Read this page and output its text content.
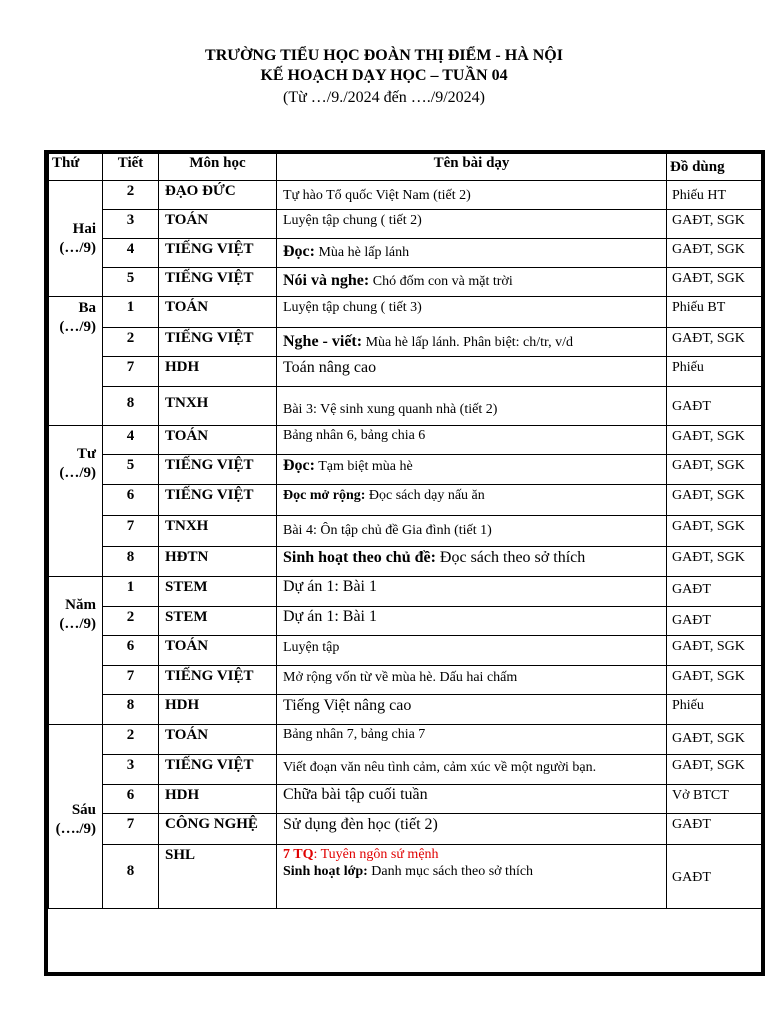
TRƯỜNG TIỂU HỌC ĐOÀN THỊ ĐIỂM - HÀ NỘI
KẾ HOẠCH DẠY HỌC – TUẦN 04
(Từ …/9./2024 đến …./9/2024)
Thứ	Tiết	Môn học	Tên bài dạy	Đồ dùng
Hai
(…/9)	2	ĐẠO ĐỨC	Tự hào Tổ quốc Việt Nam (tiết 2)	Phiếu HT
	3	TOÁN	Luyện tập chung ( tiết 2)	GAĐT, SGK
	4	TIẾNG VIỆT	Đọc: Mùa hè lấp lánh	GAĐT, SGK
	5	TIẾNG VIỆT	Nói và nghe: Chó đốm con và mặt trời	GAĐT, SGK
Ba
(…/9)	1	TOÁN	Luyện tập chung ( tiết 3)	Phiếu BT
	2	TIẾNG VIỆT	Nghe - viết: Mùa hè lấp lánh. Phân biệt: ch/tr, v/d	GAĐT, SGK
	7	HDH	Toán nâng cao	Phiếu
	8	TNXH	Bài 3: Vệ sinh xung quanh nhà (tiết 2)	GAĐT
Tư
(…/9)	4	TOÁN	Bảng nhân 6, bảng chia 6	GAĐT, SGK
	5	TIẾNG VIỆT	Đọc: Tạm biệt mùa hè	GAĐT, SGK
	6	TIẾNG VIỆT	Đọc mở rộng: Đọc sách dạy nấu ăn	GAĐT, SGK
	7	TNXH	Bài 4: Ôn tập chủ đề Gia đình (tiết 1)	GAĐT, SGK
	8	HĐTN	Sinh hoạt theo chủ đề: Đọc sách theo sở thích	GAĐT, SGK
Năm
(…/9)	1	STEM	Dự án 1: Bài 1	GAĐT
	2	STEM	Dự án 1: Bài 1	GAĐT
	6	TOÁN	Luyện tập	GAĐT, SGK
	7	TIẾNG VIỆT	Mở rộng vốn từ về mùa hè. Dấu hai chấm	GAĐT, SGK
	8	HDH	Tiếng Việt nâng cao	Phiếu
Sáu
(…./9)	2	TOÁN	Bảng nhân 7, bảng chia 7	GAĐT, SGK
	3	TIẾNG VIỆT	Viết đoạn văn nêu tình cảm, cảm xúc về một người bạn.	GAĐT, SGK
	6	HDH	Chữa bài tập cuối tuần	Vở BTCT
	7	CÔNG NGHỆ	Sử dụng đèn học (tiết 2)	GAĐT
	8	SHL	7 TQ: Tuyên ngôn sứ mệnh
Sinh hoạt lớp: Danh mục sách theo sở thích	GAĐT
